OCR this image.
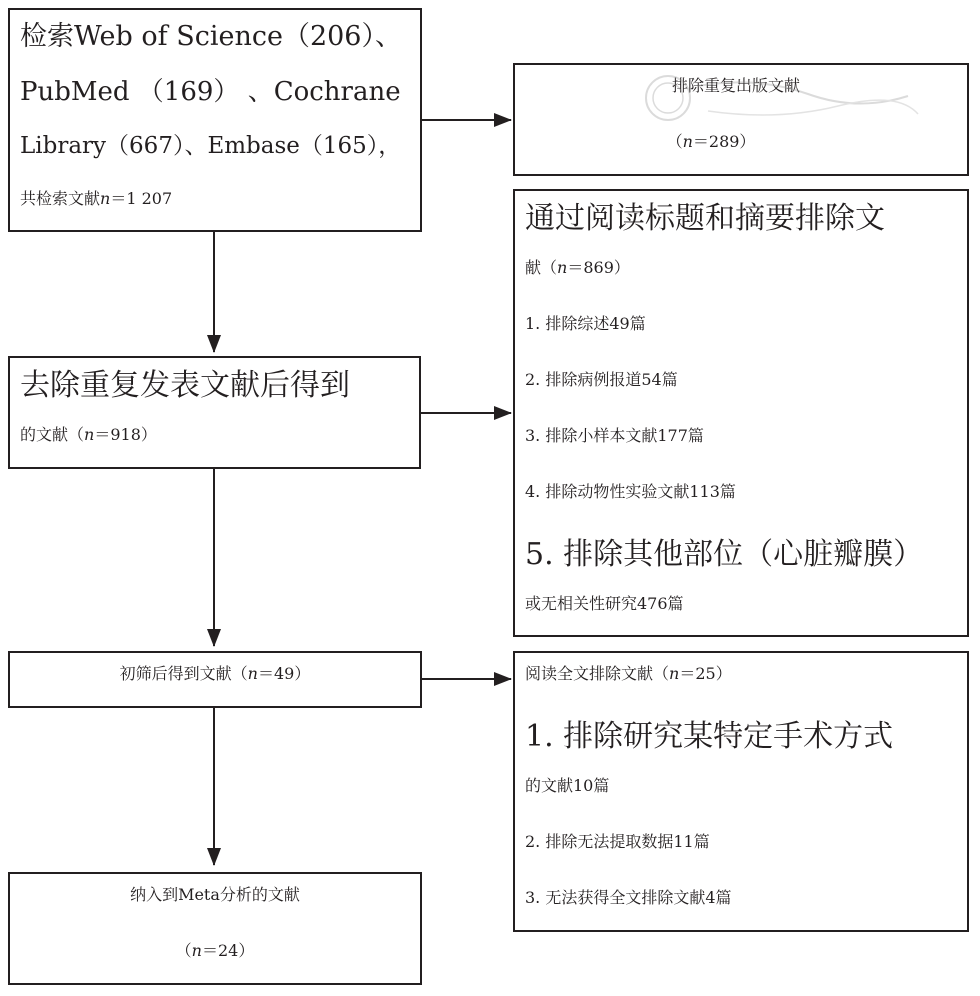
检索Web of Science（206）、
PubMed （169） 、Cochrane
Library（667）、Embase（165），
共检索文献n＝1 207
排除重复出版文献
（n＝289）
去除重复发表文献后得到
的文献（n＝918）
通过阅读标题和摘要排除文
献（n＝869）
1. 排除综述49篇
2. 排除病例报道54篇
3. 排除小样本文献177篇
4. 排除动物性实验文献113篇
5. 排除其他部位（心脏瓣膜）
或无相关性研究476篇
初筛后得到文献（n＝49）	阅读全文排除文献（n＝25）
1. 排除研究某特定手术方式
的文献10篇
2. 排除无法提取数据11篇
3. 无法获得全文排除文献4篇
纳入到Meta分析的文献
（n＝24）
